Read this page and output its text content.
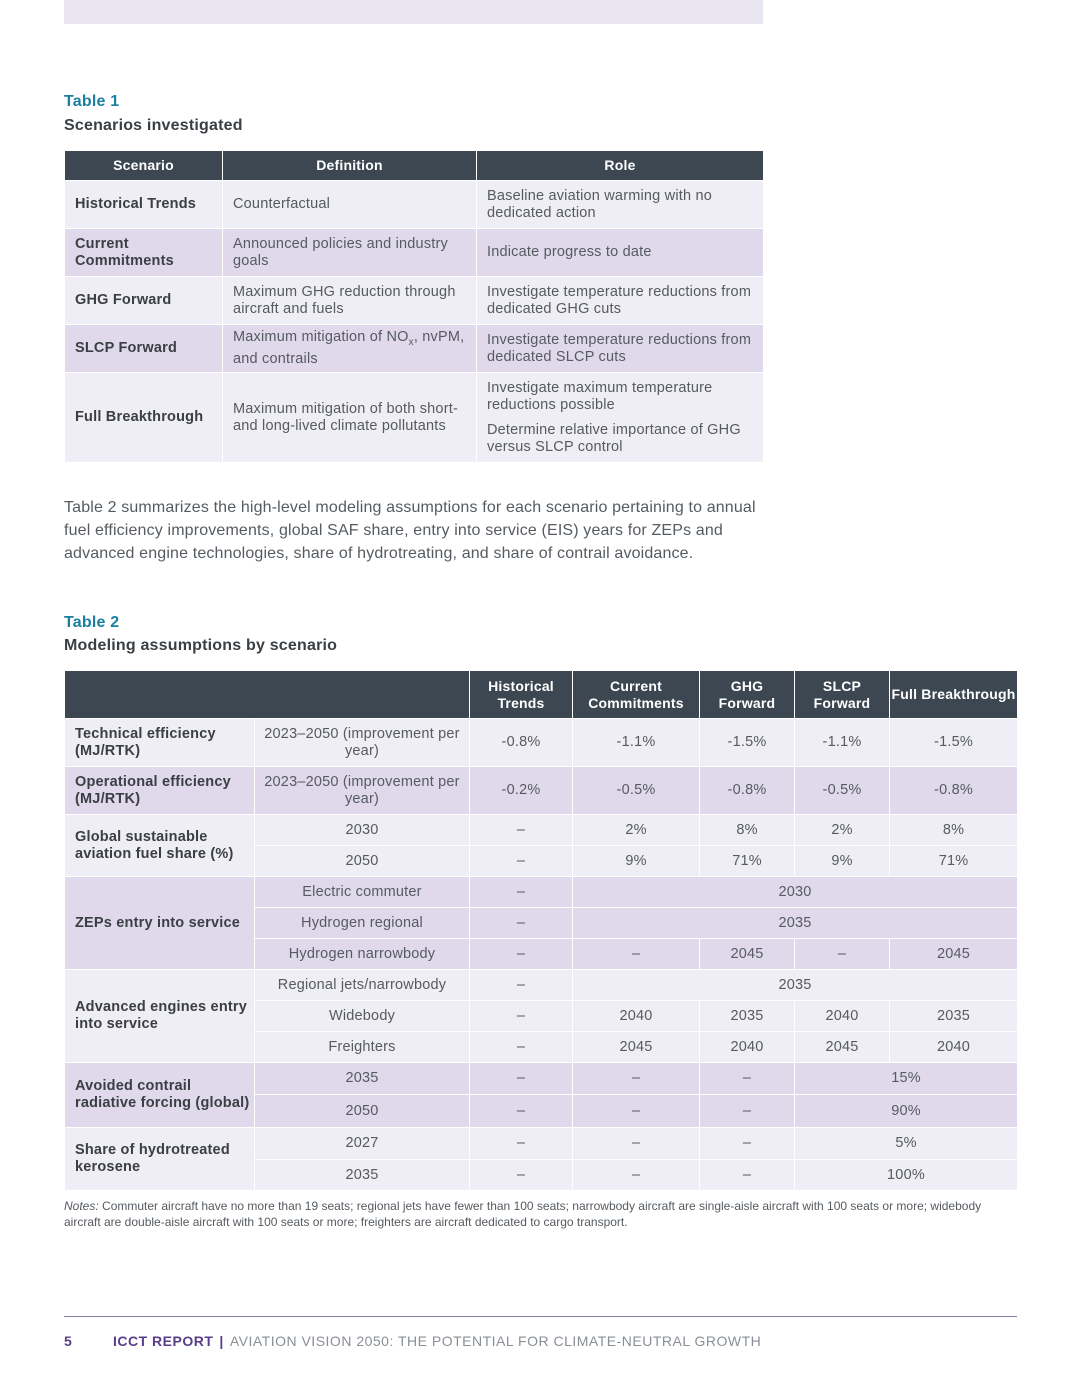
Table 1
Scenarios investigated
Scenario	Definition	Role
Historical Trends	Counterfactual	Baseline aviation warming with no dedicated action
Current Commitments	Announced policies and industry goals	Indicate progress to date
GHG Forward	Maximum GHG reduction through aircraft and fuels	Investigate temperature reductions from dedicated GHG cuts
SLCP Forward	Maximum mitigation of $NO_x$, nvPM, and contrails	Investigate temperature reductions from dedicated SLCP cuts
Full Breakthrough	Maximum mitigation of both short- and long-lived climate pollutants	Investigate maximum temperature reductions possible
Determine relative importance of GHG versus SLCP control
Table 2 summarizes the high-level modeling assumptions for each scenario pertaining to annual fuel efficiency improvements, global SAF share, entry into service (EIS) years for ZEPs and advanced engine technologies, share of hydrotreating, and share of contrail avoidance.
Table 2
Modeling assumptions by scenario
		Historical Trends	Current Commitments	GHG Forward	SLCP Forward	Full Breakthrough
Technical efficiency (MJ/RTK)	2023–2050 (improvement per year)	-0.8%	-1.1%	-1.5%	-1.1%	-1.5%
Operational efficiency (MJ/RTK)	2023–2050 (improvement per year)	-0.2%	-0.5%	-0.8%	-0.5%	-0.8%
Global sustainable aviation fuel share (%)	2030	–	2%	8%	2%	8%
	2050	–	9%	71%	9%	71%
ZEPs entry into service	Electric commuter	–	2030			
	Hydrogen regional	–	2035			
	Hydrogen narrowbody	–	–	2045	–	2045
Advanced engines entry into service	Regional jets/narrowbody	–	2035			
	Widebody	–	2040	2035	2040	2035
	Freighters	–	2045	2040	2045	2040
Avoided contrail radiative forcing (global)	2035	–	–	–	15%	
	2050	–	–	–	90%	
Share of hydrotreated kerosene	2027	–	–	–	5%	
	2035	–	–	–	100%	
Notes: Commuter aircraft have no more than 19 seats; regional jets have fewer than 100 seats; narrowbody aircraft are single-aisle aircraft with 100 seats or more; widebody aircraft are double-aisle aircraft with 100 seats or more; freighters are aircraft dedicated to cargo transport.
5	ICCT REPORT | AVIATION VISION 2050: THE POTENTIAL FOR CLIMATE-NEUTRAL GROWTH
